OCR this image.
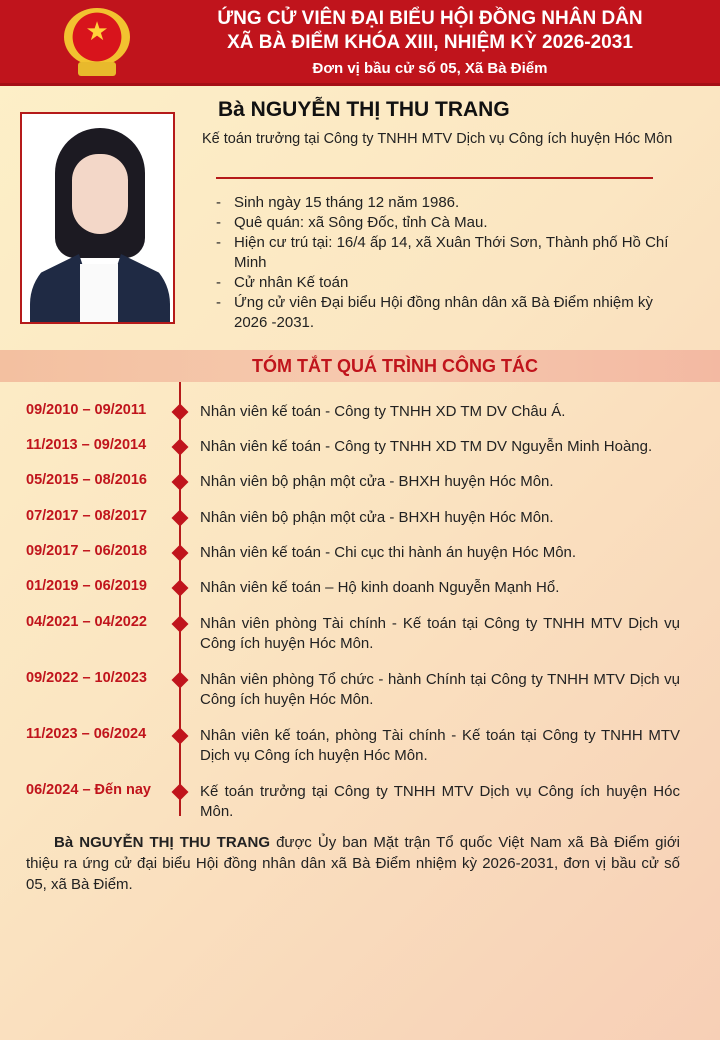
★	ỨNG CỬ VIÊN ĐẠI BIỂU HỘI ĐỒNG NHÂN DÂN
XÃ BÀ ĐIỂM KHÓA XIII, NHIỆM KỲ 2026-2031
Đơn vị bầu cử số 05, Xã Bà Điểm
Bà NGUYỄN THỊ THU TRANG
Kế toán trưởng tại Công ty TNHH MTV Dịch vụ Công ích huyện Hóc Môn
- Sinh ngày 15 tháng 12 năm 1986.
- Quê quán: xã Sông Đốc, tỉnh Cà Mau.
- Hiện cư trú tại: 16/4 ấp 14, xã Xuân Thới Sơn, Thành phố Hồ Chí Minh
- Cử nhân Kế toán
- Ứng cử viên Đại biểu Hội đồng nhân dân xã Bà Điểm nhiệm kỳ 2026 -2031.
TÓM TẮT QUÁ TRÌNH CÔNG TÁC
09/2010 – 09/2011	Nhân viên kế toán - Công ty TNHH XD TM DV Châu Á.
11/2013 – 09/2014	Nhân viên kế toán - Công ty TNHH XD TM DV Nguyễn Minh Hoàng.
05/2015 – 08/2016	Nhân viên bộ phận một cửa - BHXH huyện Hóc Môn.
07/2017 – 08/2017	Nhân viên bộ phận một cửa - BHXH huyện Hóc Môn.
09/2017 – 06/2018	Nhân viên kế toán - Chi cục thi hành án huyện Hóc Môn.
01/2019 – 06/2019	Nhân viên kế toán – Hộ kinh doanh Nguyễn Mạnh Hổ.
04/2021 – 04/2022	Nhân viên phòng Tài chính - Kế toán tại Công ty TNHH MTV Dịch vụ Công ích huyện Hóc Môn.
09/2022 – 10/2023	Nhân viên phòng Tổ chức - hành Chính tại Công ty TNHH MTV Dịch vụ Công ích huyện Hóc Môn.
11/2023 – 06/2024	Nhân viên kế toán, phòng Tài chính - Kế toán tại Công ty TNHH MTV Dịch vụ Công ích huyện Hóc Môn.
06/2024 – Đến nay	Kế toán trưởng tại Công ty TNHH MTV Dịch vụ Công ích huyện Hóc Môn.
Bà NGUYỄN THỊ THU TRANG được Ủy ban Mặt trận Tổ quốc Việt Nam xã Bà Điểm giới thiệu ra ứng cử đại biểu Hội đồng nhân dân xã Bà Điểm nhiệm kỳ 2026-2031, đơn vị bầu cử số 05, xã Bà Điểm.
